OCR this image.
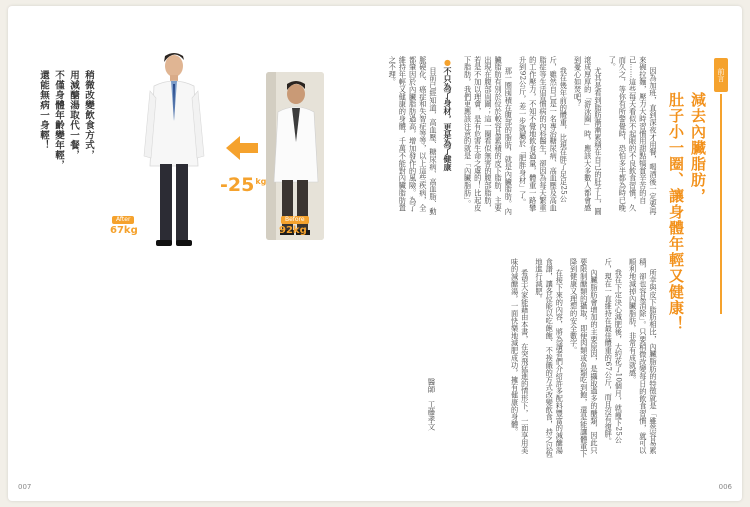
還能無病一身輕！ 不僅身體年齡變年輕， 用減醣湯取代一餐， 稍微改變飲食方式，
After
67kg
$-25^{kg}$
Before
92kg
007
前言
減去內臟脂肪，
肚子小一圈、讓身體年輕又健康！

因為加班，直到深夜才用餐，喝酒後一定要再來碗拉麵，壓力大時習慣用甜點犒賞辛苦的自己……這些每天看似不起眼的不良飲食習慣，久而久之，等你有所警覺時，恐怕多半都為時已晚了。

尤其是看到脂肪漸漸累積在自己的肚子上，圓滾成厚厚的「游泳圈」時，應該大多數人都會感到憂心如焚吧？

我在幾年前的體重，比現在胖了足足25公斤，雖然自己是一名專治糖尿病、高血壓及高血脂症等生活習慣病的內科醫生，卻因為每天繁重的工作壓力，不知不覺地飲食過量，體重一路攀升到92公斤，差一步就屬於「肥胖身材」了。

那一圈囤積在腹部的脂肪，就是內臟脂肪。內臟脂肪有別於位於較容易累積的皮下脂肪，主要出現在腹部周圍；這一圈看似無害的腹部脂肪，若是不加以理會，是有危害生命之虞的！比起皮下脂肪，我們更應該注意的就是「內臟脂肪」。

●不只為了身材，更是為了健康

目前已經知道，高血壓、糖尿病、高血脂、動脈硬化、癌症和失智症等等，以上這些疾病，全都肇因於內臟脂肪過高，增加發作的風險。為了維持年輕又健康的身體，千萬不能對內臟脂肪置之不理。

所幸與皮下脂肪相比，內臟脂肪的特徵就是「雖然容易累積，卻也容易消除」。只要稍微改變每日的飲食習慣，就可以順利地減掉內臟脂肪，非常有成就感。

我在下定決心減肥後，大約花了10個月，就瘦下25公斤，現在一直維持在最佳體重的67公斤，而且沒有復胖。

內臟脂肪會增加的主要原因，是攝取過多的醣類，因此只要限制醣類的攝取，即便肉類或魚類吃到飽，還是能讓體重下降到健康又理想的安全數字。

在接下來的內容，將為讀者們介紹許多配料豐富的減醣湯食譜，讓各位能以吃飽飽、不挨餓的方式改變飲食，持之以恆地進行減肥。

希望大家能藉由本書，在突飛猛進的情形下，一面享用美味的減醣湯，一面快樂地減肥成功，擁有健康的身體。

醫師　工藤孝文
006
